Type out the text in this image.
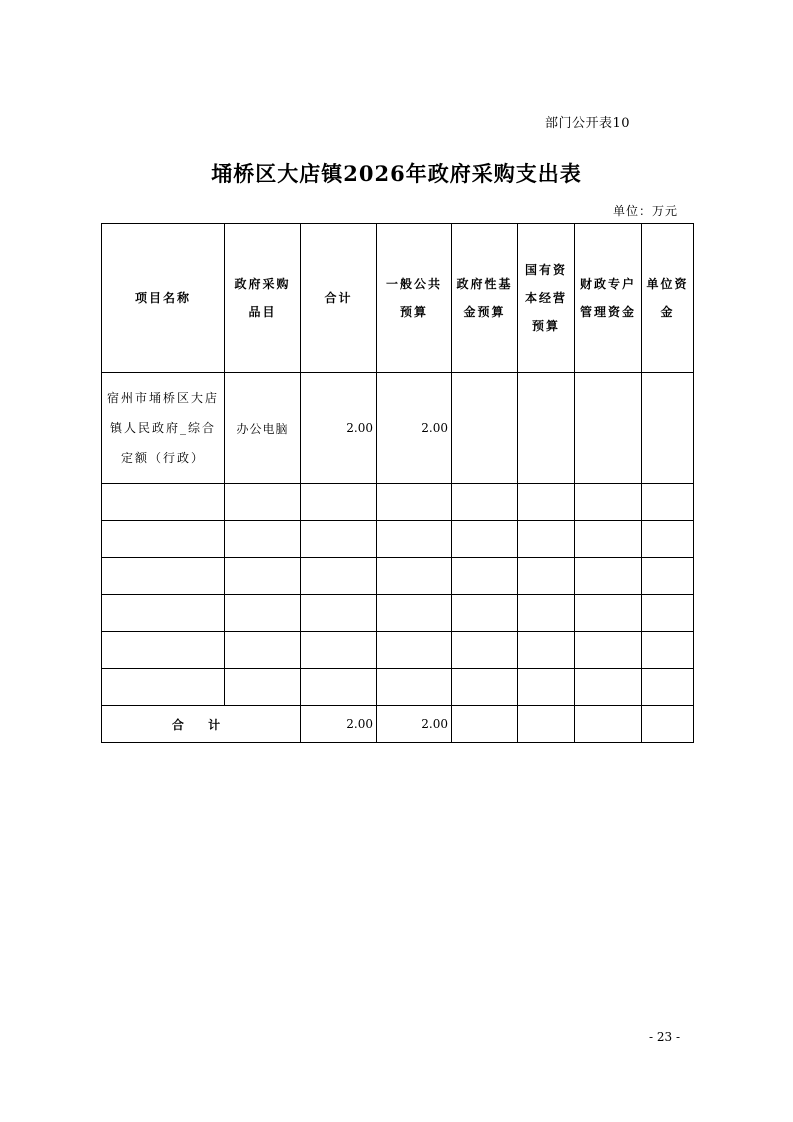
部门公开表10
埇桥区大店镇2026年政府采购支出表
单位：万元
项目名称	政府采购品目	合计	一般公共预算	政府性基金预算	国有资本经营预算	财政专户管理资金	单位资金
宿州市埇桥区大店镇人民政府_综合定额（行政）	办公电脑	2.00	2.00				

合 计		2.00	2.00				
- 23 -
